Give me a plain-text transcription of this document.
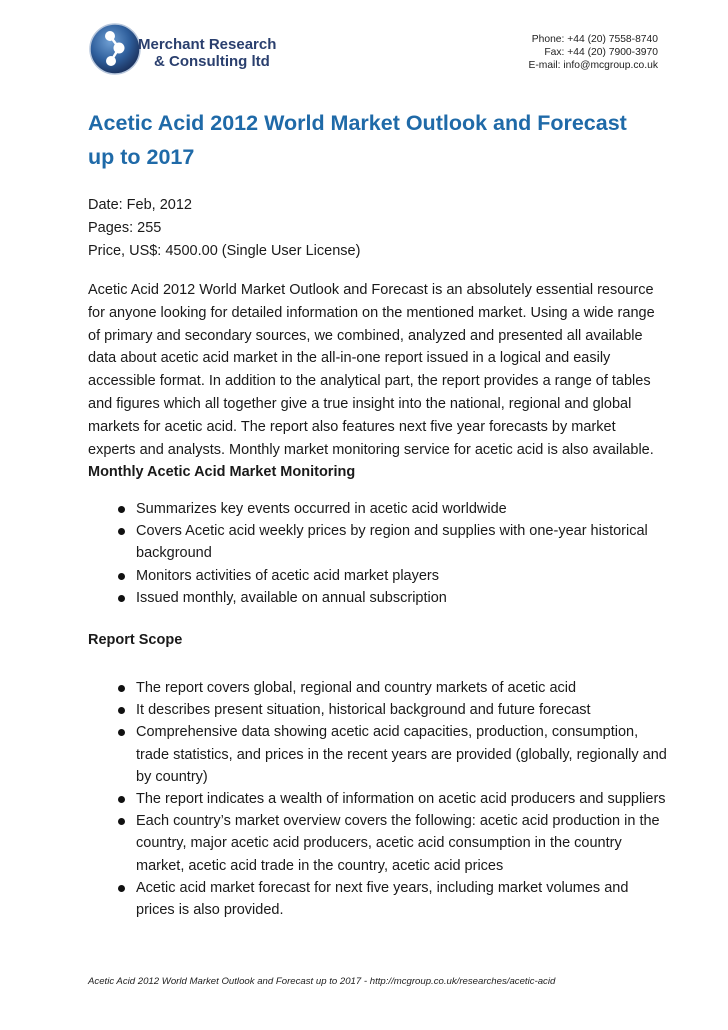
Merchant Research
& Consulting ltd
Phone: +44 (20) 7558-8740
Fax: +44 (20) 7900-3970
E-mail: info@mcgroup.co.uk
Acetic Acid 2012 World Market Outlook and Forecast up to 2017
Date: Feb, 2012
Pages: 255
Price, US$: 4500.00 (Single User License)

Acetic Acid 2012 World Market Outlook and Forecast is an absolutely essential resource for anyone looking for detailed information on the mentioned market. Using a wide range of primary and secondary sources, we combined, analyzed and presented all available data about acetic acid market in the all-in-one report issued in a logical and easily accessible format. In addition to the analytical part, the report provides a range of tables and figures which all together give a true insight into the national, regional and global markets for acetic acid. The report also features next five year forecasts by market experts and analysts. Monthly market monitoring service for acetic acid is also available. Monthly Acetic Acid Market Monitoring

Summarizes key events occurred in acetic acid worldwide
Covers Acetic acid weekly prices by region and supplies with one-year historical background
Monitors activities of acetic acid market players
Issued monthly, available on annual subscription
Report Scope
The report covers global, regional and country markets of acetic acid
It describes present situation, historical background and future forecast
Comprehensive data showing acetic acid capacities, production, consumption, trade statistics, and prices in the recent years are provided (globally, regionally and by country)
The report indicates a wealth of information on acetic acid producers and suppliers
Each country’s market overview covers the following: acetic acid production in the country, major acetic acid producers, acetic acid consumption in the country market, acetic acid trade in the country, acetic acid prices
Acetic acid market forecast for next five years, including market volumes and prices is also provided.
Acetic Acid 2012 World Market Outlook and Forecast up to 2017 - http://mcgroup.co.uk/researches/acetic-acid
